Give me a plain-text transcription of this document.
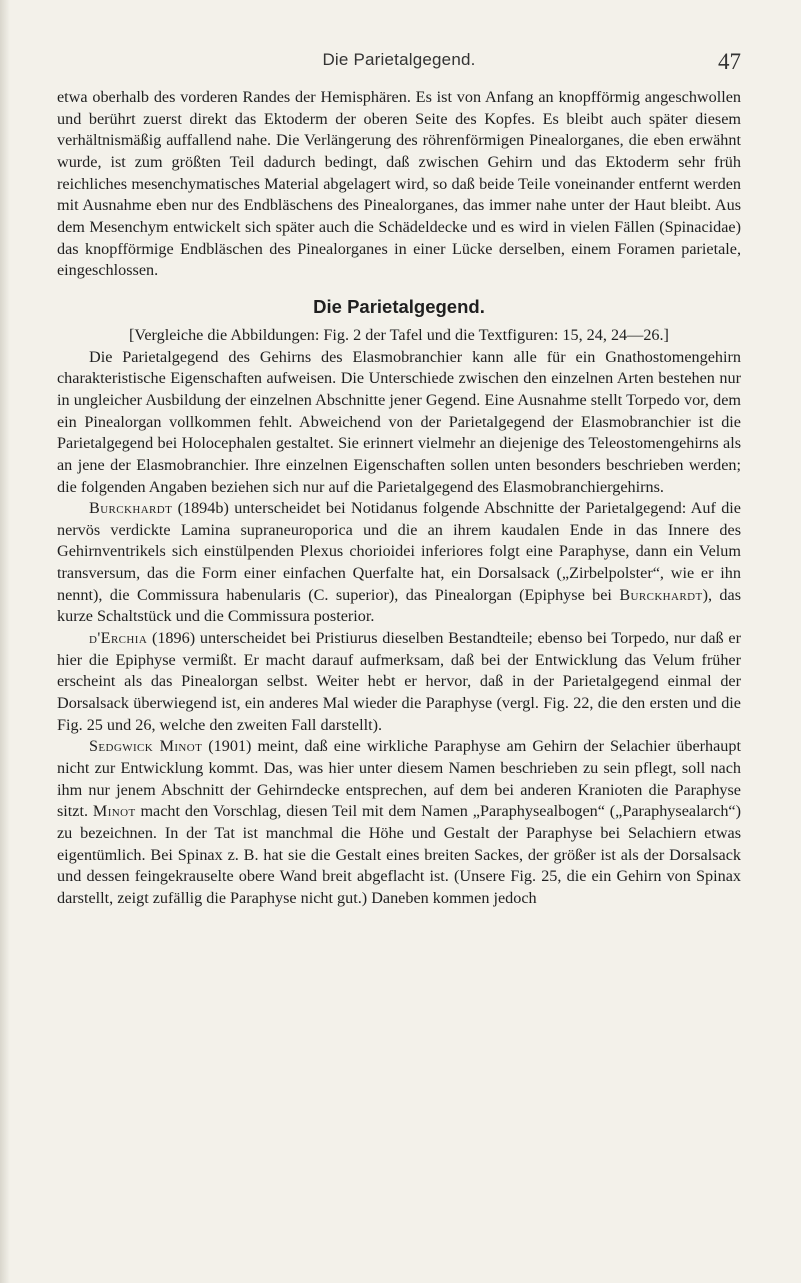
Die Parietalgegend.	47

etwa oberhalb des vorderen Randes der Hemisphären. Es ist von Anfang an knopfförmig angeschwollen und berührt zuerst direkt das Ektoderm der oberen Seite des Kopfes. Es bleibt auch später diesem verhältnismäßig auffallend nahe. Die Verlängerung des röhrenförmigen Pinealorganes, die eben erwähnt wurde, ist zum größten Teil dadurch bedingt, daß zwischen Gehirn und das Ektoderm sehr früh reichliches mesenchymatisches Material abgelagert wird, so daß beide Teile voneinander entfernt werden mit Ausnahme eben nur des Endbläschens des Pinealorganes, das immer nahe unter der Haut bleibt. Aus dem Mesenchym entwickelt sich später auch die Schädeldecke und es wird in vielen Fällen (Spinacidae) das knopfförmige Endbläschen des Pinealorganes in einer Lücke derselben, einem Foramen parietale, eingeschlossen.

Die Parietalgegend.

[Vergleiche die Abbildungen: Fig. 2 der Tafel und die Textfiguren: 15, 24, 24—26.]

Die Parietalgegend des Gehirns des Elasmobranchier kann alle für ein Gnathostomengehirn charakteristische Eigenschaften aufweisen. Die Unterschiede zwischen den einzelnen Arten bestehen nur in ungleicher Ausbildung der einzelnen Abschnitte jener Gegend. Eine Ausnahme stellt Torpedo vor, dem ein Pinealorgan vollkommen fehlt. Abweichend von der Parietalgegend der Elasmobranchier ist die Parietalgegend bei Holocephalen gestaltet. Sie erinnert vielmehr an diejenige des Teleostomengehirns als an jene der Elasmobranchier. Ihre einzelnen Eigenschaften sollen unten besonders beschrieben werden; die folgenden Angaben beziehen sich nur auf die Parietalgegend des Elasmobranchiergehirns.

Burckhardt (1894b) unterscheidet bei Notidanus folgende Abschnitte der Parietalgegend: Auf die nervös verdickte Lamina supraneuroporica und die an ihrem kaudalen Ende in das Innere des Gehirnventrikels sich einstülpenden Plexus chorioidei inferiores folgt eine Paraphyse, dann ein Velum transversum, das die Form einer einfachen Querfalte hat, ein Dorsalsack („Zirbelpolster“, wie er ihn nennt), die Commissura habenularis (C. superior), das Pinealorgan (Epiphyse bei Burckhardt), das kurze Schaltstück und die Commissura posterior.

d'Erchia (1896) unterscheidet bei Pristiurus dieselben Bestandteile; ebenso bei Torpedo, nur daß er hier die Epiphyse vermißt. Er macht darauf aufmerksam, daß bei der Entwicklung das Velum früher erscheint als das Pinealorgan selbst. Weiter hebt er hervor, daß in der Parietalgegend einmal der Dorsalsack überwiegend ist, ein anderes Mal wieder die Paraphyse (vergl. Fig. 22, die den ersten und die Fig. 25 und 26, welche den zweiten Fall darstellt).

Sedgwick Minot (1901) meint, daß eine wirkliche Paraphyse am Gehirn der Selachier überhaupt nicht zur Entwicklung kommt. Das, was hier unter diesem Namen beschrieben zu sein pflegt, soll nach ihm nur jenem Abschnitt der Gehirndecke entsprechen, auf dem bei anderen Kranioten die Paraphyse sitzt. Minot macht den Vorschlag, diesen Teil mit dem Namen „Paraphysealbogen“ („Paraphysealarch“) zu bezeichnen. In der Tat ist manchmal die Höhe und Gestalt der Paraphyse bei Selachiern etwas eigentümlich. Bei Spinax z. B. hat sie die Gestalt eines breiten Sackes, der größer ist als der Dorsalsack und dessen feingekrauselte obere Wand breit abgeflacht ist. (Unsere Fig. 25, die ein Gehirn von Spinax darstellt, zeigt zufällig die Paraphyse nicht gut.) Daneben kommen jedoch
